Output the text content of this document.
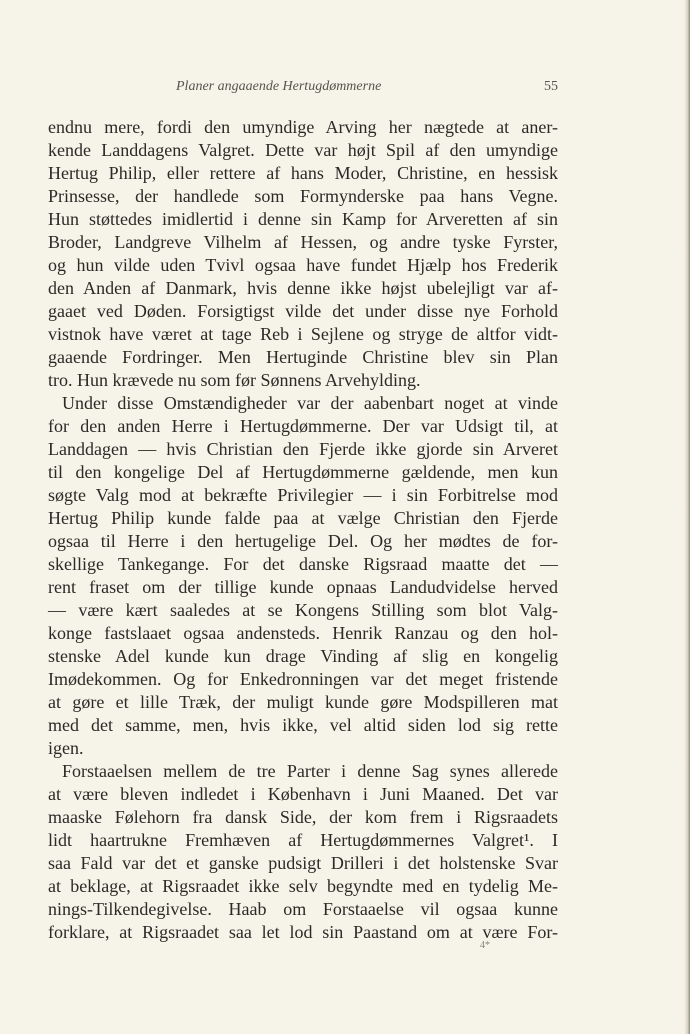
Planer angaaende Hertugdømmerne	55
endnu mere, fordi den umyndige Arving her nægtede at aner-
kende Landdagens Valgret. Dette var højt Spil af den umyndige
Hertug Philip, eller rettere af hans Moder, Christine, en hessisk
Prinsesse, der handlede som Formynderske paa hans Vegne.
Hun støttedes imidlertid i denne sin Kamp for Arveretten af sin
Broder, Landgreve Vilhelm af Hessen, og andre tyske Fyrster,
og hun vilde uden Tvivl ogsaa have fundet Hjælp hos Frederik
den Anden af Danmark, hvis denne ikke højst ubelejligt var af-
gaaet ved Døden. Forsigtigst vilde det under disse nye Forhold
vistnok have været at tage Reb i Sejlene og stryge de altfor vidt-
gaaende Fordringer. Men Hertuginde Christine blev sin Plan
tro. Hun krævede nu som før Sønnens Arvehylding.
Under disse Omstændigheder var der aabenbart noget at vinde
for den anden Herre i Hertugdømmerne. Der var Udsigt til, at
Landdagen — hvis Christian den Fjerde ikke gjorde sin Arveret
til den kongelige Del af Hertugdømmerne gældende, men kun
søgte Valg mod at bekræfte Privilegier — i sin Forbitrelse mod
Hertug Philip kunde falde paa at vælge Christian den Fjerde
ogsaa til Herre i den hertugelige Del. Og her mødtes de for-
skellige Tankegange. For det danske Rigsraad maatte det —
rent fraset om der tillige kunde opnaas Landudvidelse herved
— være kært saaledes at se Kongens Stilling som blot Valg-
konge fastslaaet ogsaa andensteds. Henrik Ranzau og den hol-
stenske Adel kunde kun drage Vinding af slig en kongelig
Imødekommen. Og for Enkedronningen var det meget fristende
at gøre et lille Træk, der muligt kunde gøre Modspilleren mat
med det samme, men, hvis ikke, vel altid siden lod sig rette
igen.
Forstaaelsen mellem de tre Parter i denne Sag synes allerede
at være bleven indledet i København i Juni Maaned. Det var
maaske Følehorn fra dansk Side, der kom frem i Rigsraadets
lidt haartrukne Fremhæven af Hertugdømmernes Valgret¹. I
saa Fald var det et ganske pudsigt Drilleri i det holstenske Svar
at beklage, at Rigsraadet ikke selv begyndte med en tydelig Me-
nings-Tilkendegivelse. Haab om Forstaaelse vil ogsaa kunne
forklare, at Rigsraadet saa let lod sin Paastand om at være For-
4*
